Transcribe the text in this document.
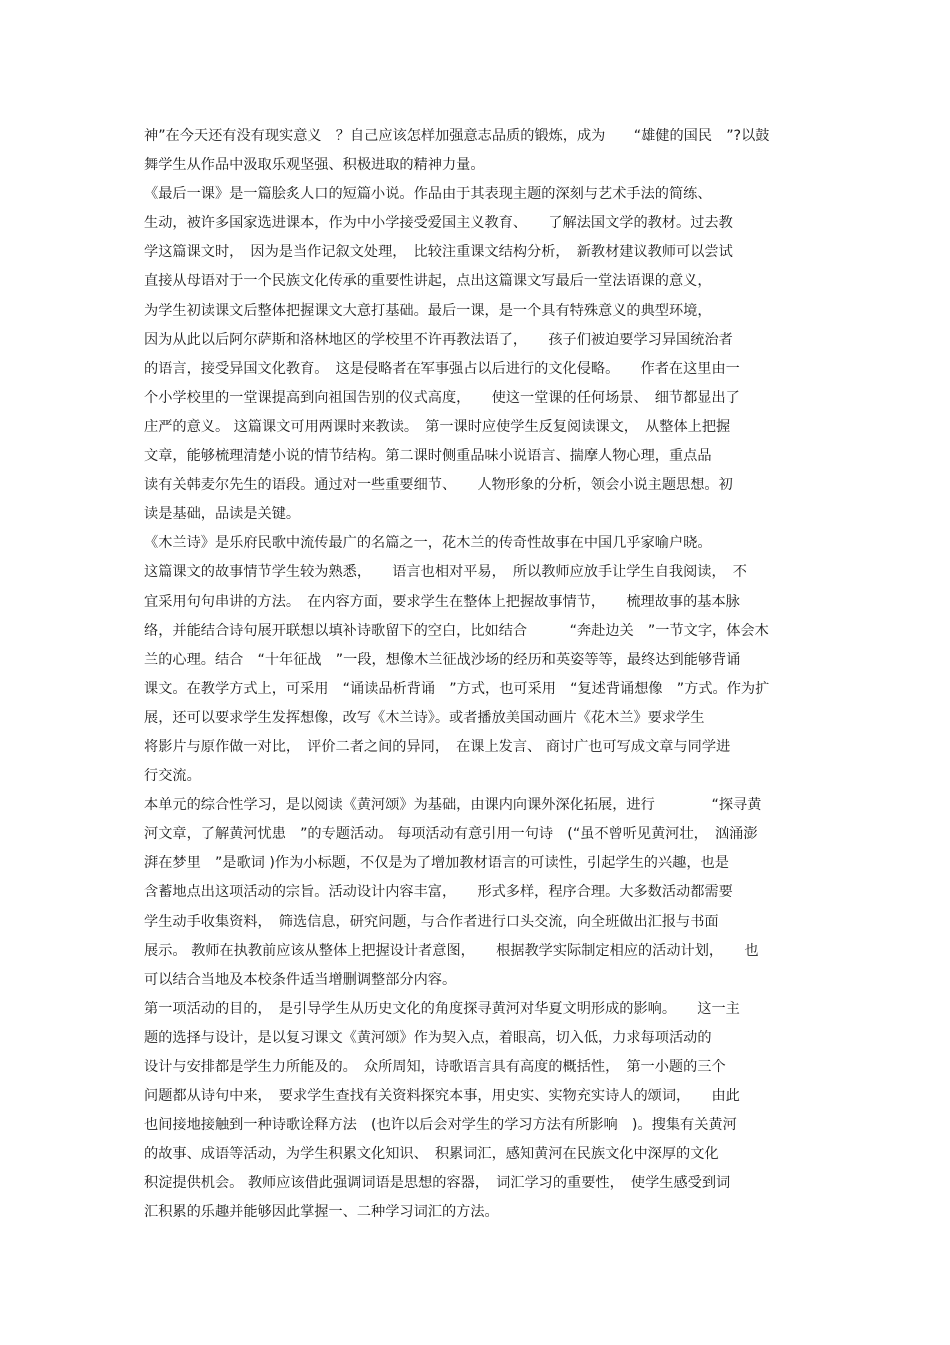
神”在今天还有没有现实意义　？自己应该怎样加强意志品质的锻炼，成为　　“雄健的国民　”?以鼓
舞学生从作品中汲取乐观坚强、积极进取的精神力量。
《最后一课》是一篇脍炙人口的短篇小说。作品由于其表现主题的深刻与艺术手法的简练、
生动，被许多国家选进课本，作为中小学接受爱国主义教育、　　了解法国文学的教材。过去教
学这篇课文时，　因为是当作记叙文处理，　比较注重课文结构分析，　新教材建议教师可以尝试
直接从母语对于一个民族文化传承的重要性讲起，点出这篇课文写最后一堂法语课的意义，
为学生初读课文后整体把握课文大意打基础。最后一课，是一个具有特殊意义的典型环境，
因为从此以后阿尔萨斯和洛林地区的学校里不许再教法语了，　　孩子们被迫要学习异国统治者
的语言，接受异国文化教育。　这是侵略者在军事强占以后进行的文化侵略。　　作者在这里由一
个小学校里的一堂课提高到向祖国告别的仪式高度，　　使这一堂课的任何场景、　细节都显出了
庄严的意义。 这篇课文可用两课时来教读。　第一课时应使学生反复阅读课文，　从整体上把握
文章，能够梳理清楚小说的情节结构。第二课时侧重品味小说语言、揣摩人物心理，重点品
读有关韩麦尔先生的语段。通过对一些重要细节、　　人物形象的分析，领会小说主题思想。初
读是基础，品读是关键。
《木兰诗》是乐府民歌中流传最广的名篇之一，花木兰的传奇性故事在中国几乎家喻户晓。
这篇课文的故事情节学生较为熟悉，　　语言也相对平易，　所以教师应放手让学生自我阅读，　不
宜采用句句串讲的方法。　在内容方面，要求学生在整体上把握故事情节，　　梳理故事的基本脉
络，并能结合诗句展开联想以填补诗歌留下的空白，比如结合　　　“奔赴边关　”一节文字，体会木
兰的心理。结合　“十年征战　”一段，想像木兰征战沙场的经历和英姿等等，最终达到能够背诵
课文。在教学方式上，可采用　“诵读品析背诵　”方式，也可采用　“复述背诵想像　”方式。作为扩
展，还可以要求学生发挥想像，改写《木兰诗》。或者播放美国动画片《花木兰》要求学生
将影片与原作做一对比，　评价二者之间的异同，　在课上发言、 商讨广也可写成文章与同学进
行交流。
本单元的综合性学习，是以阅读《黄河颂》为基础，由课内向课外深化拓展，进行　　　　“探寻黄
河文章，了解黄河忧患　”的专题活动。 每项活动有意引用一句诗　(“虽不曾听见黄河壮，　汹涌澎
湃在梦里　”是歌词 )作为小标题，不仅是为了增加教材语言的可读性，引起学生的兴趣，也是
含蓄地点出这项活动的宗旨。活动设计内容丰富，　　形式多样，程序合理。大多数活动都需要
学生动手收集资料，　筛选信息，研究问题，与合作者进行口头交流，向全班做出汇报与书面
展示。 教师在执教前应该从整体上把握设计者意图，　　根据教学实际制定相应的活动计划，　　也
可以结合当地及本校条件适当增删调整部分内容。
第一项活动的目的，　是引导学生从历史文化的角度探寻黄河对华夏文明形成的影响。　　这一主
题的选择与设计，是以复习课文《黄河颂》作为契入点，着眼高，切入低，力求每项活动的
设计与安排都是学生力所能及的。　众所周知，诗歌语言具有高度的概括性，　第一小题的三个
问题都从诗句中来，　要求学生查找有关资料探究本事，用史实、实物充实诗人的颂词，　　由此
也间接地接触到一种诗歌诠释方法　(也许以后会对学生的学习方法有所影响　)。搜集有关黄河
的故事、成语等活动，为学生积累文化知识、　积累词汇，感知黄河在民族文化中深厚的文化
积淀提供机会。 教师应该借此强调词语是思想的容器，　词汇学习的重要性，　使学生感受到词
汇积累的乐趣并能够因此掌握一、二种学习词汇的方法。
